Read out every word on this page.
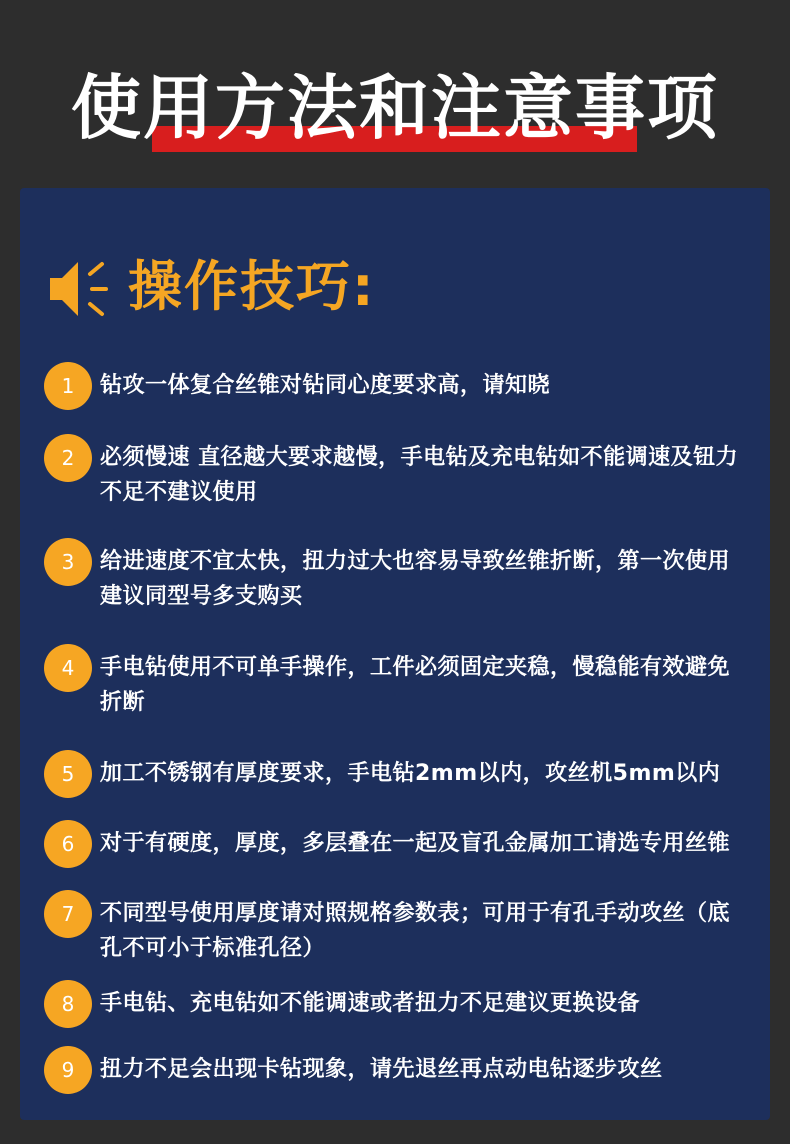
使用方法和注意事项
操作技巧:
1	钻攻一体复合丝锥对钻同心度要求高，请知晓
2	必须慢速 直径越大要求越慢，手电钻及充电钻如不能调速及钮力不足不建议使用
3	给进速度不宜太快，扭力过大也容易导致丝锥折断，第一次使用建议同型号多支购买
4	手电钻使用不可单手操作，工件必须固定夹稳，慢稳能有效避免折断
5	加工不锈钢有厚度要求，手电钻2mm以内，攻丝机5mm以内
6	对于有硬度，厚度，多层叠在一起及盲孔金属加工请选专用丝锥
7	不同型号使用厚度请对照规格参数表；可用于有孔手动攻丝（底孔不可小于标准孔径）
8	手电钻、充电钻如不能调速或者扭力不足建议更换设备
9	扭力不足会出现卡钻现象，请先退丝再点动电钻逐步攻丝
